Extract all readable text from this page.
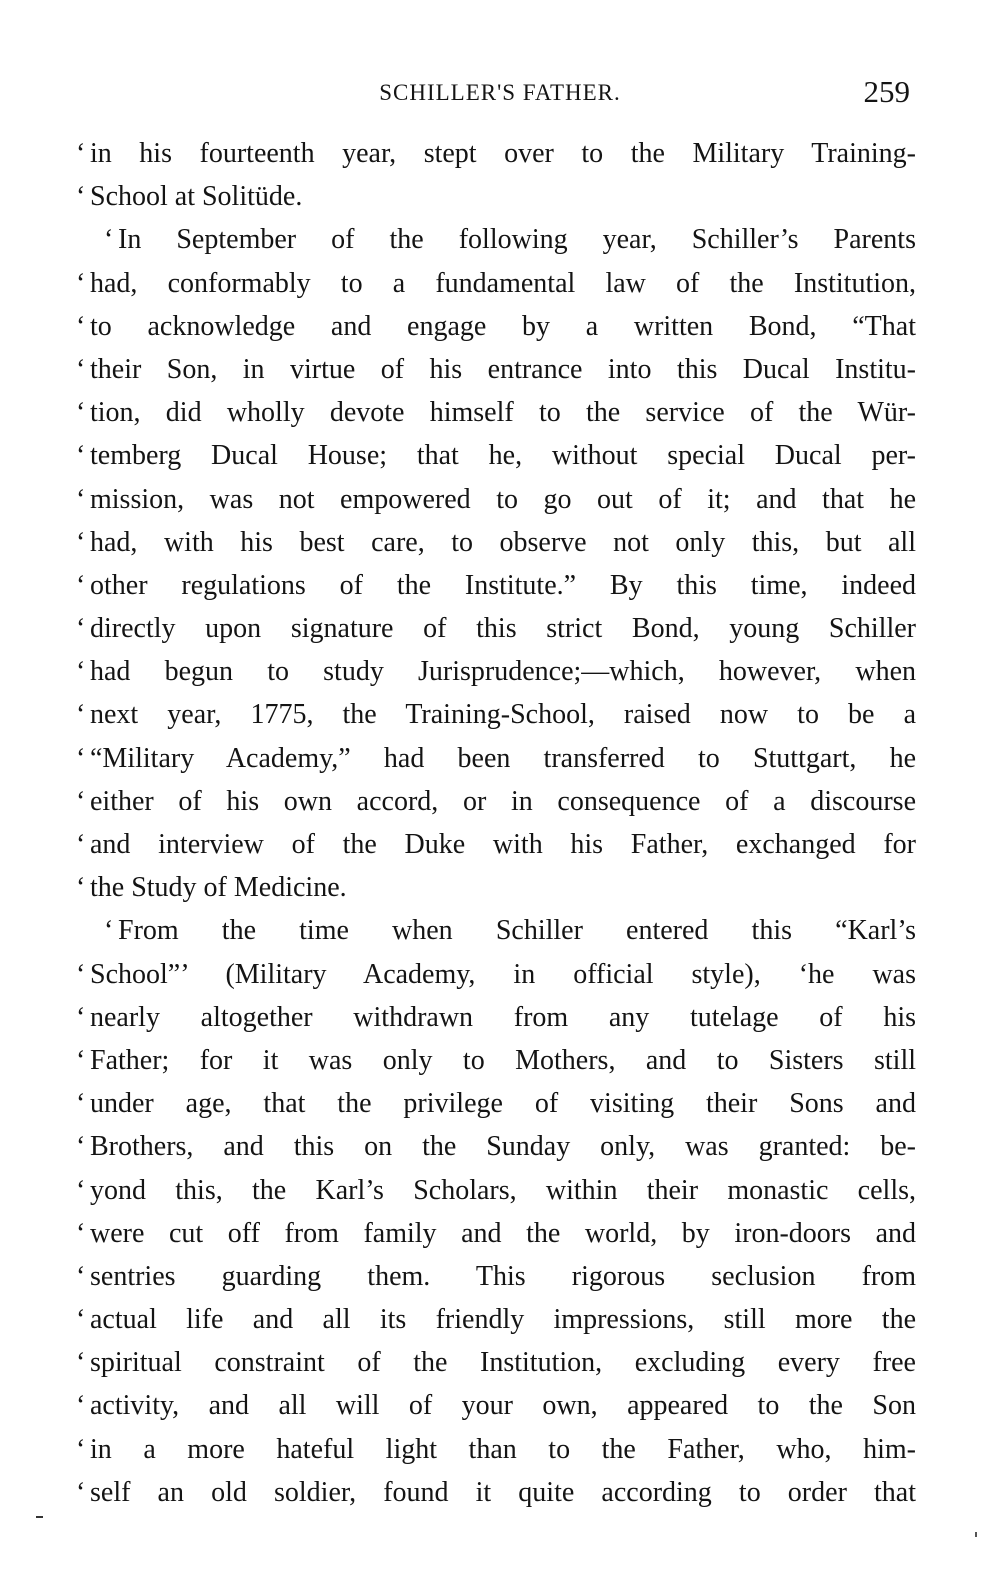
SCHILLER'S FATHER.	259
‘ in his fourteenth year, stept over to the Military Training-
‘ School at Solitüde.
‘ In September of the following year, Schiller’s Parents
‘ had, conformably to a fundamental law of the Institution,
‘ to acknowledge and engage by a written Bond, “That
‘ their Son, in virtue of his entrance into this Ducal Institu-
‘ tion, did wholly devote himself to the service of the Wür-
‘ temberg Ducal House; that he, without special Ducal per-
‘ mission, was not empowered to go out of it; and that he
‘ had, with his best care, to observe not only this, but all
‘ other regulations of the Institute.” By this time, indeed
‘ directly upon signature of this strict Bond, young Schiller
‘ had begun to study Jurisprudence;—which, however, when
‘ next year, 1775, the Training-School, raised now to be a
‘ “Military Academy,” had been transferred to Stuttgart, he
‘ either of his own accord, or in consequence of a discourse
‘ and interview of the Duke with his Father, exchanged for
‘ the Study of Medicine.
‘ From the time when Schiller entered this “Karl’s
‘ School”’ (Military Academy, in official style), ‘he was
‘ nearly altogether withdrawn from any tutelage of his
‘ Father; for it was only to Mothers, and to Sisters still
‘ under age, that the privilege of visiting their Sons and
‘ Brothers, and this on the Sunday only, was granted: be-
‘ yond this, the Karl’s Scholars, within their monastic cells,
‘ were cut off from family and the world, by iron-doors and
‘ sentries guarding them. This rigorous seclusion from
‘ actual life and all its friendly impressions, still more the
‘ spiritual constraint of the Institution, excluding every free
‘ activity, and all will of your own, appeared to the Son
‘ in a more hateful light than to the Father, who, him-
‘ self an old soldier, found it quite according to order that
